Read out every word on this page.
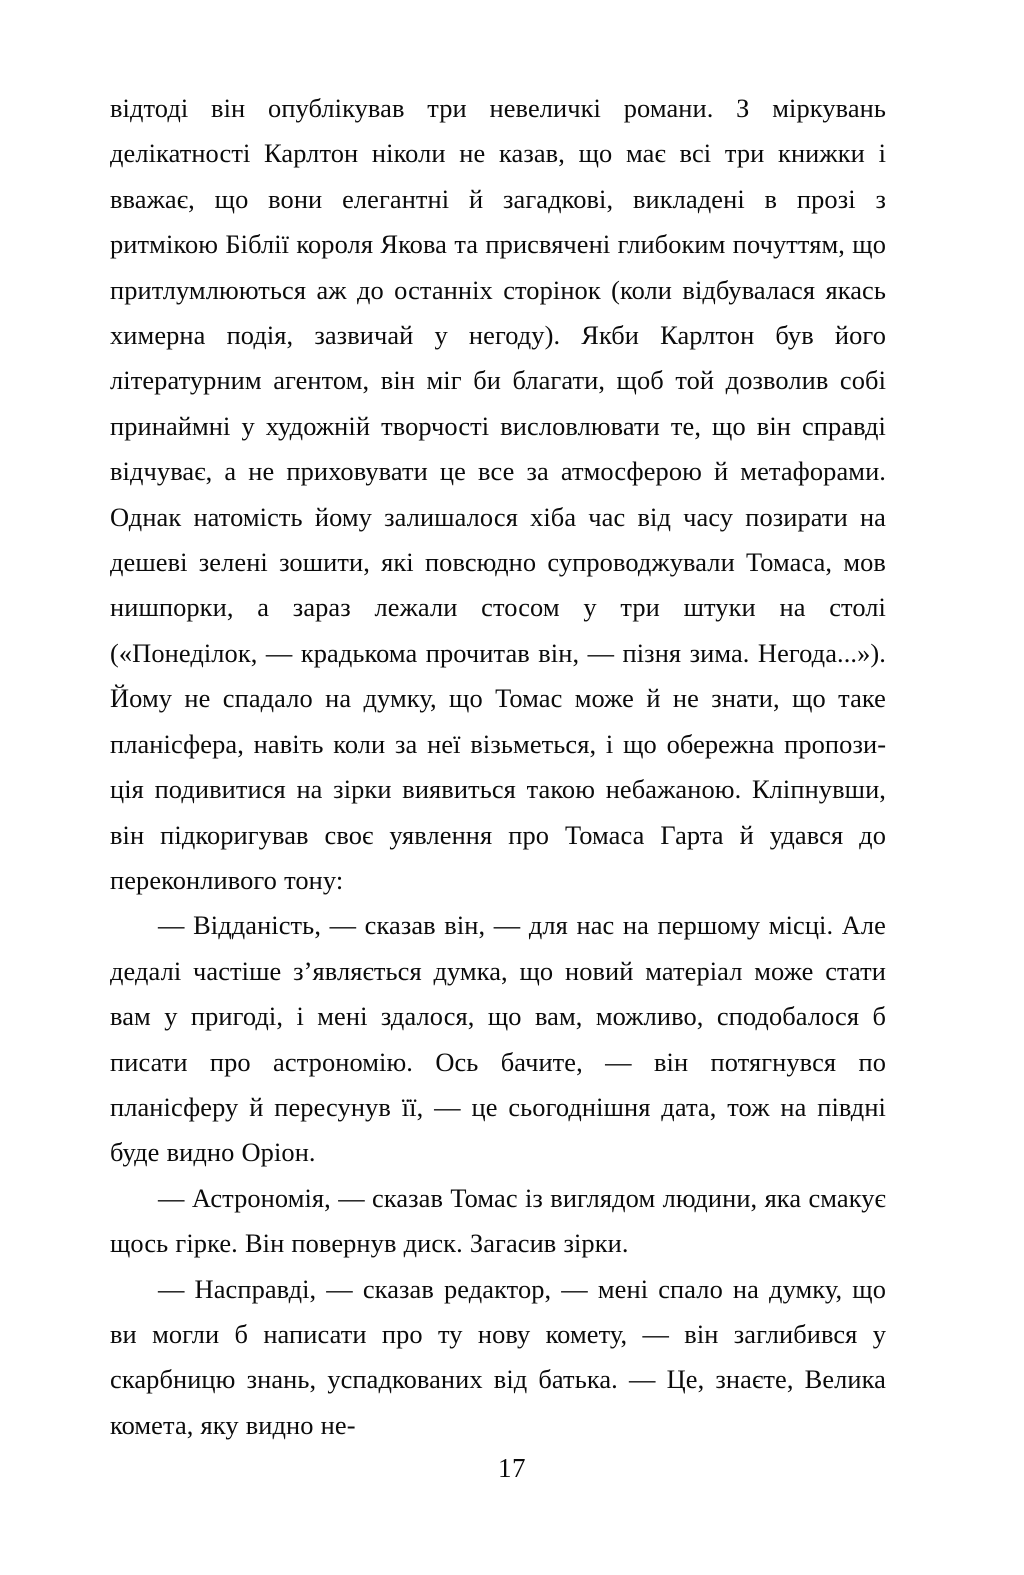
відтоді він опублікував три невеличкі романи. З міркувань делікатності Карлтон ніколи не казав, що має всі три книжки і вважає, що вони елегантні й загадкові, викладені в прозі з ритмікою Біблії короля Якова та присвячені глибоким почуттям, що притлумлюються аж до останніх сторінок (коли відбувалася якась химерна подія, зазвичай у негоду). Якби Карлтон був його літературним агентом, він міг би благати, щоб той дозволив собі принаймні у художній творчості висловлювати те, що він справді відчуває, а не приховувати це все за атмосферою й метафорами. Однак натомість йому залишалося хіба час від часу позирати на дешеві зелені зошити, які повсюдно супроводжували Томаса, мов нишпорки, а зараз лежали стосом у три штуки на столі («Понеділок, — крадькома прочитав він, — пізня зима. Негода...»). Йому не спадало на думку, що Томас може й не знати, що таке планісфера, навіть коли за неї візьметься, і що обережна пропозиція подивитися на зірки виявиться такою небажаною. Кліпнувши, він підкоригував своє уявлення про Томаса Гарта й удався до переконливого тону:

— Відданість, — сказав він, — для нас на першому місці. Але дедалі частіше з’являється думка, що новий матеріал може стати вам у пригоді, і мені здалося, що вам, можливо, сподобалося б писати про астрономію. Ось бачите, — він потягнувся по планісферу й пересунув її, — це сьогоднішня дата, тож на півдні буде видно Оріон.

— Астрономія, — сказав Томас із виглядом людини, яка смакує щось гірке. Він повернув диск. Загасив зірки.

— Насправді, — сказав редактор, — мені спало на думку, що ви могли б написати про ту нову комету, — він заглибився у скарбницю знань, успадкованих від батька. — Це, знаєте, Велика комета, яку видно не-

17
